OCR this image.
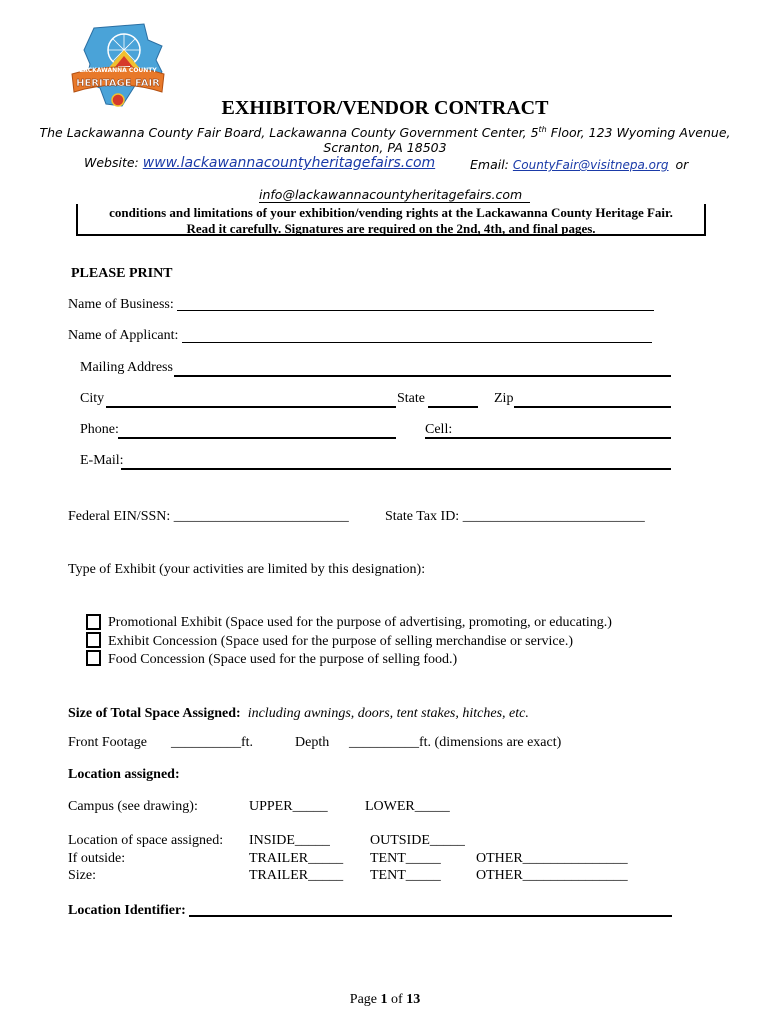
LACKAWANNA COUNTY
HERITAGE FAIR
EXHIBITOR/VENDOR CONTRACT
The Lackawanna County Fair Board, Lackawanna County Government Center, 5th Floor, 123 Wyoming Avenue,
Scranton, PA 18503
Website: www.lackawannacountyheritagefairs.com	Email: CountyFair@visitnepa.org or
info@lackawannacountyheritagefairs.com
conditions and limitations of your exhibition/vending rights at the Lackawanna County Heritage Fair.
Read it carefully. Signatures are required on the 2nd, 4th, and final pages.
PLEASE PRINT
Name of Business:
Name of Applicant:
Mailing Address
City	State	Zip
Phone:	Cell:
E-Mail:
Federal EIN/SSN: _________________________	State Tax ID: __________________________
Type of Exhibit (your activities are limited by this designation):
Promotional Exhibit (Space used for the purpose of advertising, promoting, or educating.)
Exhibit Concession (Space used for the purpose of selling merchandise or service.)
Food Concession (Space used for the purpose of selling food.)
Size of Total Space Assigned: including awnings, doors, tent stakes, hitches, etc.
Front Footage __________ft.	Depth __________ft. (dimensions are exact)
Location assigned:
Campus (see drawing):	UPPER_____	LOWER_____
Location of space assigned: INSIDE_____	OUTSIDE_____
If outside:	TRAILER_____ TENT_____	OTHER_______________
Size:	TRAILER_____ TENT_____	OTHER_______________
Location Identifier:
Page 1 of 13
